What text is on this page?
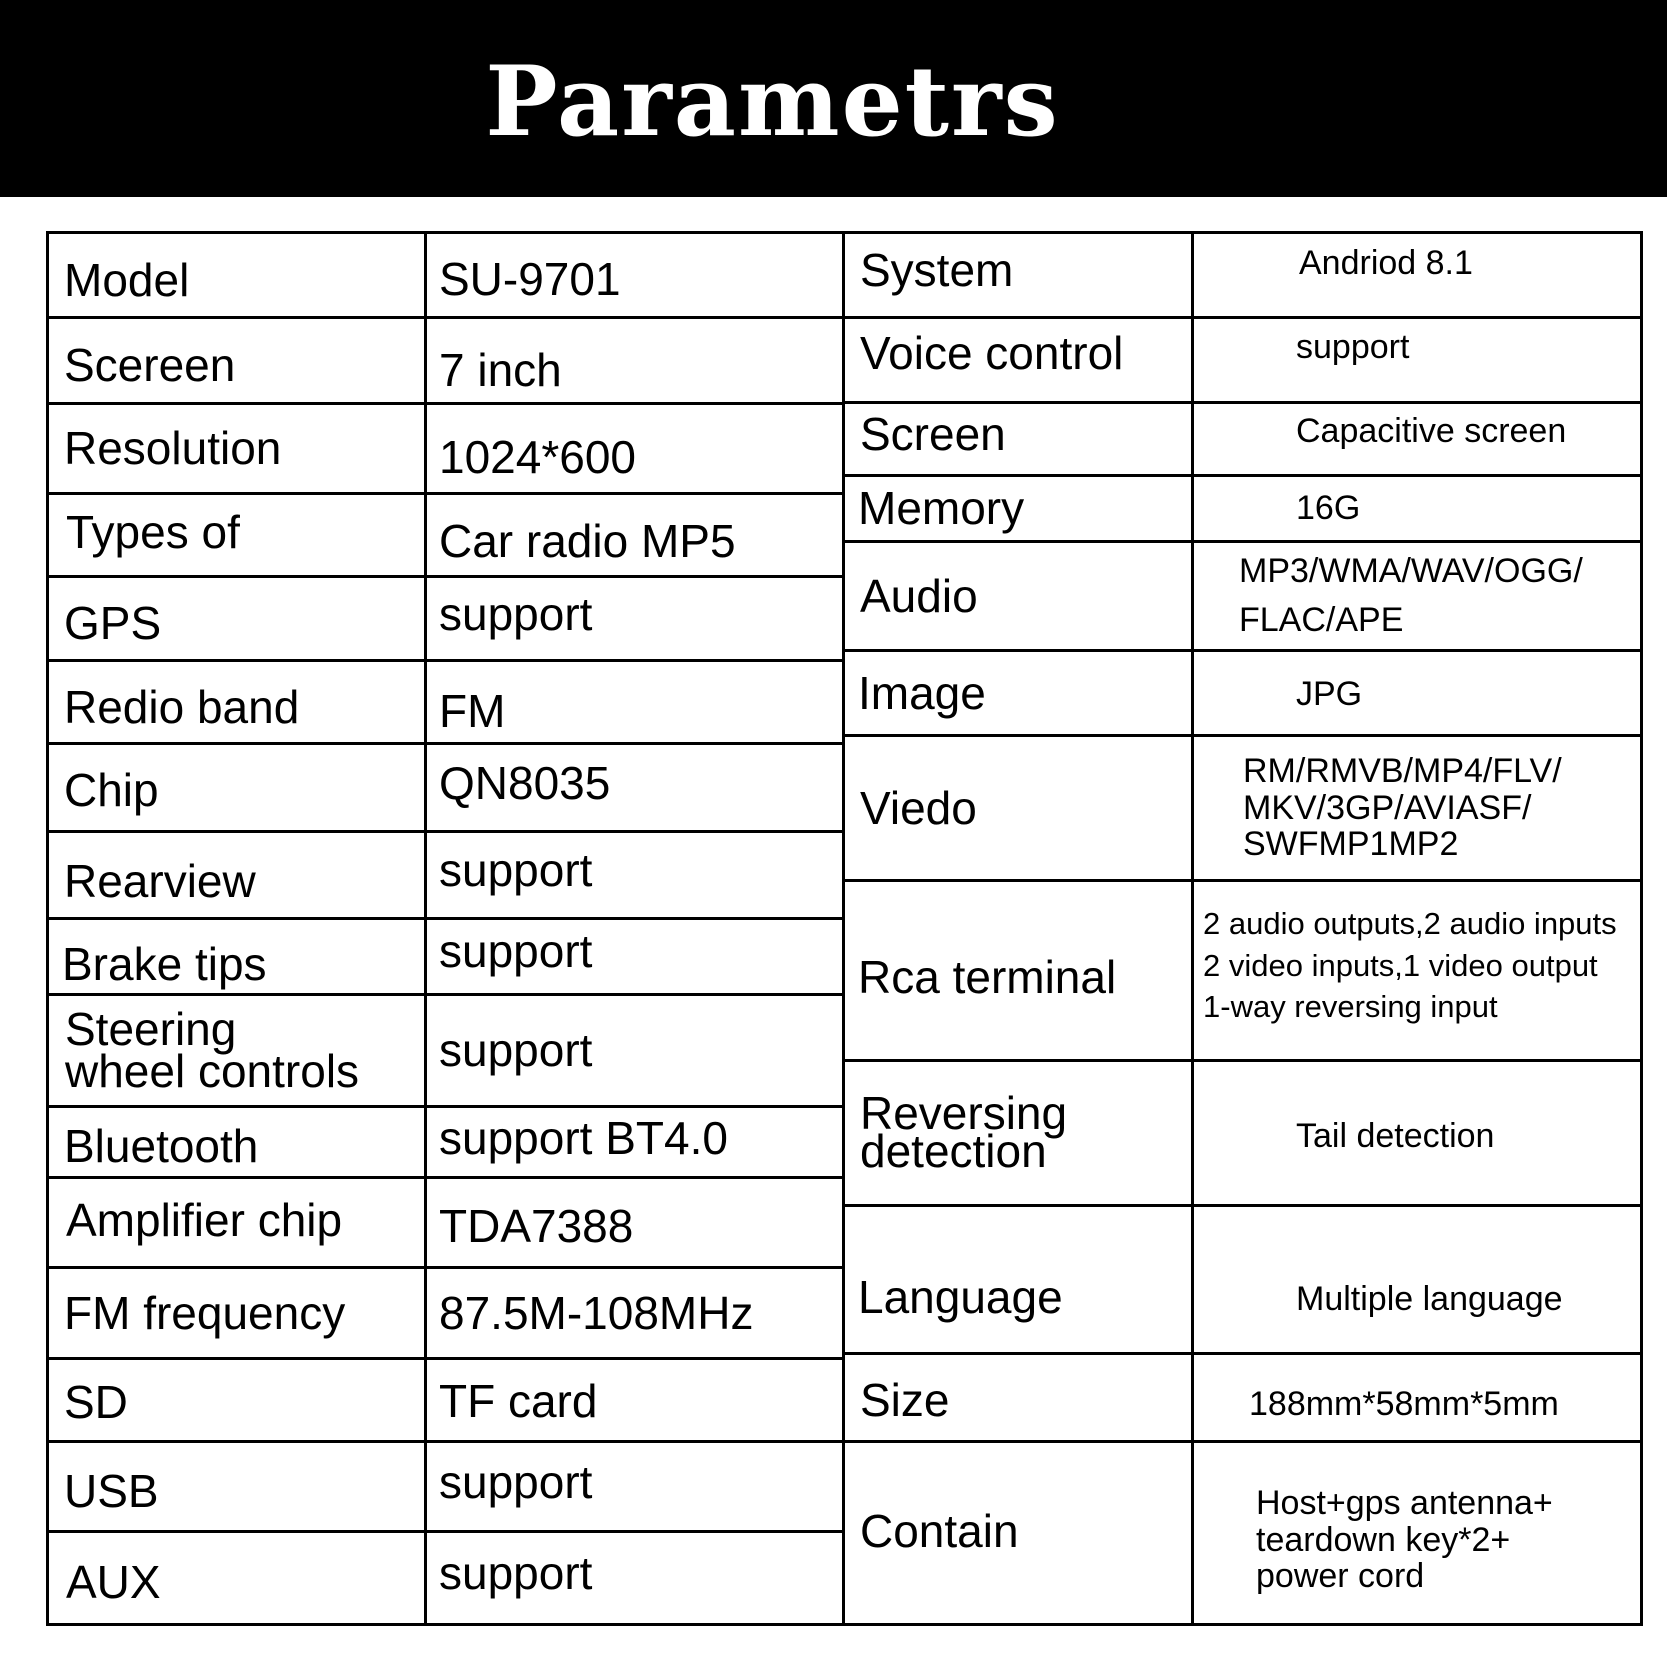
Parametrs
Model
Scereen
Resolution
Types of
GPS
Redio band
Chip
Rearview
Brake tips
Steering
wheel controls
Bluetooth
Amplifier chip
FM frequency
SD
USB
AUX
SU-9701
7 inch
1024*600
Car radio MP5
support
FM
QN8035
support
support
support
support BT4.0
TDA7388
87.5M-108MHz
TF card
support
support
System
Voice control
Screen
Memory
Audio
Image
Viedo
Rca terminal
Reversing
detection
Language
Size
Contain
Andriod 8.1
support
Capacitive screen
16G
MP3/WMA/WAV/OGG/
FLAC/APE
JPG
RM/RMVB/MP4/FLV/
MKV/3GP/AVIASF/
SWFMP1MP2
2 audio outputs,2 audio inputs
2 video inputs,1 video output
1-way reversing input
Tail detection
Multiple language
188mm*58mm*5mm
Host+gps antenna+
teardown key*2+
power cord
